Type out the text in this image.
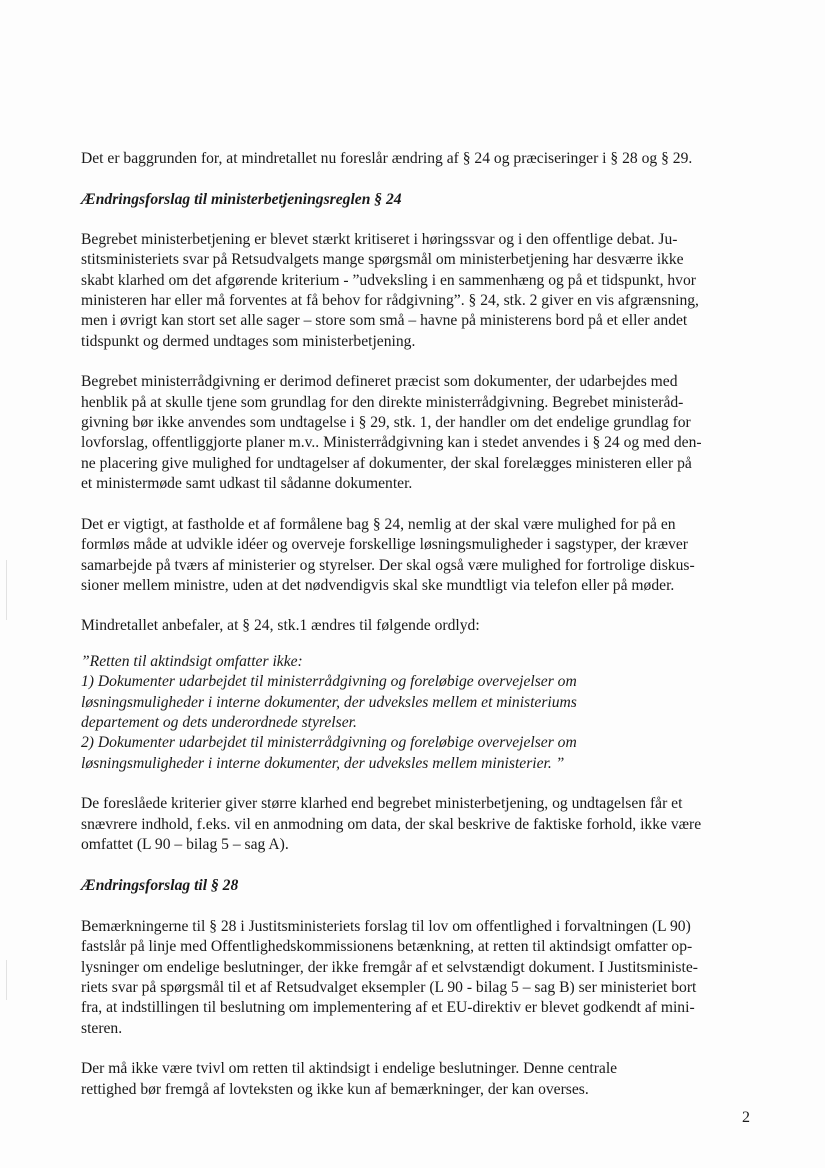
Det er baggrunden for, at mindretallet nu foreslår ændring af § 24 og præciseringer i § 28 og § 29.
Ændringsforslag til ministerbetjeningsreglen § 24
Begrebet ministerbetjening er blevet stærkt kritiseret i høringssvar og i den offentlige debat. Ju-
stitsministeriets svar på Retsudvalgets mange spørgsmål om ministerbetjening har desværre ikke
skabt klarhed om det afgørende kriterium - ”udveksling i en sammenhæng og på et tidspunkt, hvor
ministeren har eller må forventes at få behov for rådgivning”. § 24, stk. 2 giver en vis afgrænsning,
men i øvrigt kan stort set alle sager – store som små – havne på ministerens bord på et eller andet
tidspunkt og dermed undtages som ministerbetjening.
Begrebet ministerrådgivning er derimod defineret præcist som dokumenter, der udarbejdes med
henblik på at skulle tjene som grundlag for den direkte ministerrådgivning. Begrebet ministeråd-
givning bør ikke anvendes som undtagelse i § 29, stk. 1, der handler om det endelige grundlag for
lovforslag, offentliggjorte planer m.v.. Ministerrådgivning kan i stedet anvendes i § 24 og med den-
ne placering give mulighed for undtagelser af dokumenter, der skal forelægges ministeren eller på
et ministermøde samt udkast til sådanne dokumenter.
Det er vigtigt, at fastholde et af formålene bag § 24, nemlig at der skal være mulighed for på en
formløs måde at udvikle idéer og overveje forskellige løsningsmuligheder i sagstyper, der kræver
samarbejde på tværs af ministerier og styrelser. Der skal også være mulighed for fortrolige diskus-
sioner mellem ministre, uden at det nødvendigvis skal ske mundtligt via telefon eller på møder.
Mindretallet anbefaler, at § 24, stk.1 ændres til følgende ordlyd:
”Retten til aktindsigt omfatter ikke:
1) Dokumenter udarbejdet til ministerrådgivning og foreløbige overvejelser om
løsningsmuligheder i interne dokumenter, der udveksles mellem et ministeriums
departement og dets underordnede styrelser.
2) Dokumenter udarbejdet til ministerrådgivning og foreløbige overvejelser om
løsningsmuligheder i interne dokumenter, der udveksles mellem ministerier. ”
De foreslåede kriterier giver større klarhed end begrebet ministerbetjening, og undtagelsen får et
snævrere indhold, f.eks. vil en anmodning om data, der skal beskrive de faktiske forhold, ikke være
omfattet (L 90 – bilag 5 – sag A).
Ændringsforslag til § 28
Bemærkningerne til § 28 i Justitsministeriets forslag til lov om offentlighed i forvaltningen (L 90)
fastslår på linje med Offentlighedskommissionens betænkning, at retten til aktindsigt omfatter op-
lysninger om endelige beslutninger, der ikke fremgår af et selvstændigt dokument. I Justitsministe-
riets svar på spørgsmål til et af Retsudvalget eksempler (L 90 - bilag 5 – sag B) ser ministeriet bort
fra, at indstillingen til beslutning om implementering af et EU-direktiv er blevet godkendt af mini-
steren.
Der må ikke være tvivl om retten til aktindsigt i endelige beslutninger. Denne centrale
rettighed bør fremgå af lovteksten og ikke kun af bemærkninger, der kan overses.
2
